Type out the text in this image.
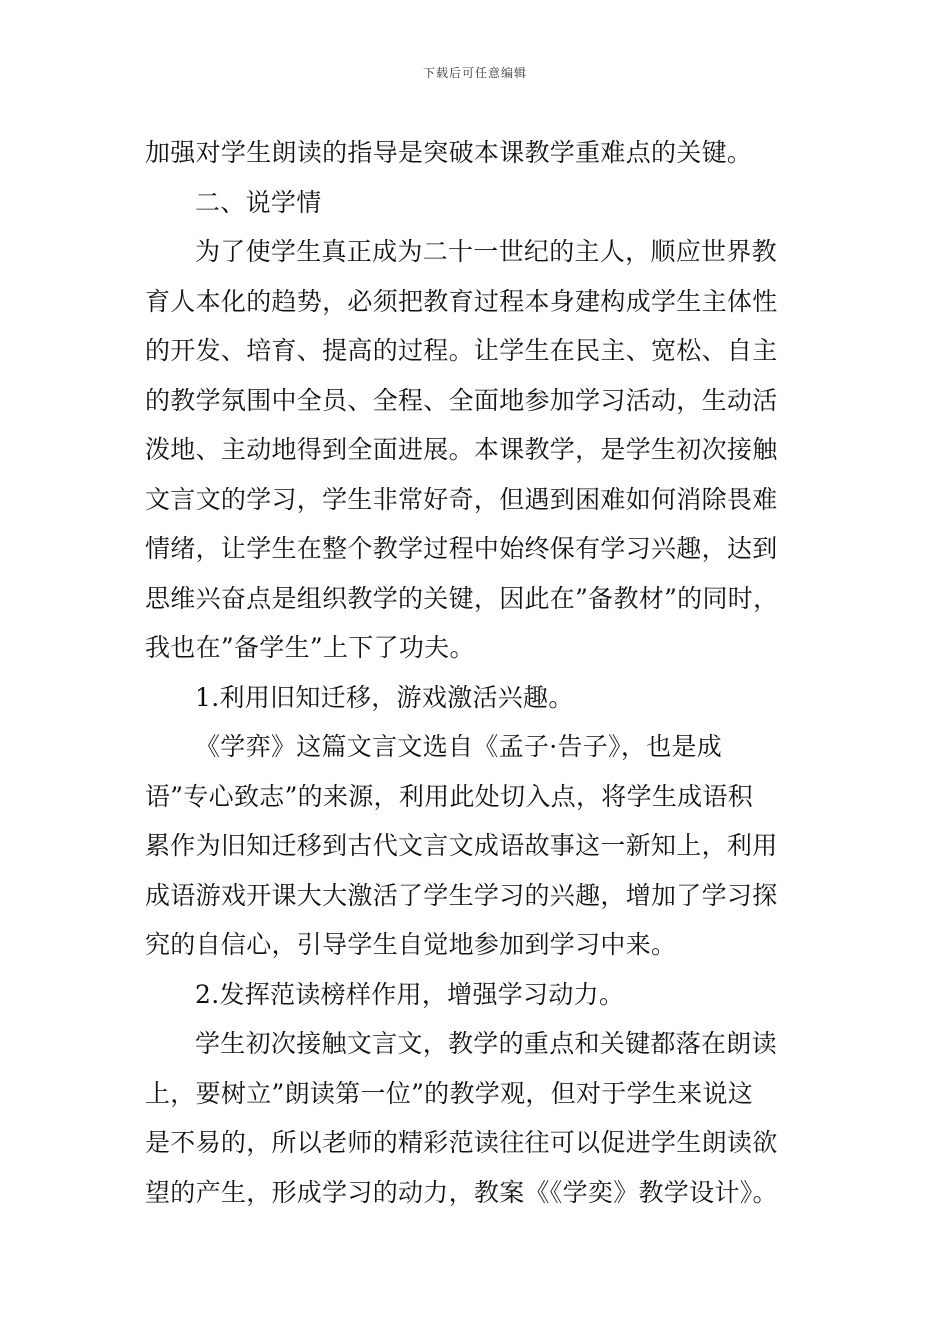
下载后可任意编辑
加强对学生朗读的指导是突破本课教学重难点的关键。
二、说学情
为了使学生真正成为二十一世纪的主人，顺应世界教
育人本化的趋势，必须把教育过程本身建构成学生主体性
的开发、培育、提高的过程。让学生在民主、宽松、自主
的教学氛围中全员、全程、全面地参加学习活动，生动活
泼地、主动地得到全面进展。本课教学，是学生初次接触
文言文的学习，学生非常好奇，但遇到困难如何消除畏难
情绪，让学生在整个教学过程中始终保有学习兴趣，达到
思维兴奋点是组织教学的关键，因此在”备教材”的同时，
我也在”备学生”上下了功夫。
1.利用旧知迁移，游戏激活兴趣。
《学弈》这篇文言文选自《孟子·告子》，也是成
语”专心致志”的来源，利用此处切入点，将学生成语积
累作为旧知迁移到古代文言文成语故事这一新知上，利用
成语游戏开课大大激活了学生学习的兴趣，增加了学习探
究的自信心，引导学生自觉地参加到学习中来。
2.发挥范读榜样作用，增强学习动力。
学生初次接触文言文，教学的重点和关键都落在朗读
上，要树立”朗读第一位”的教学观，但对于学生来说这
是不易的，所以老师的精彩范读往往可以促进学生朗读欲
望的产生，形成学习的动力，教案《《学奕》教学设计》。
